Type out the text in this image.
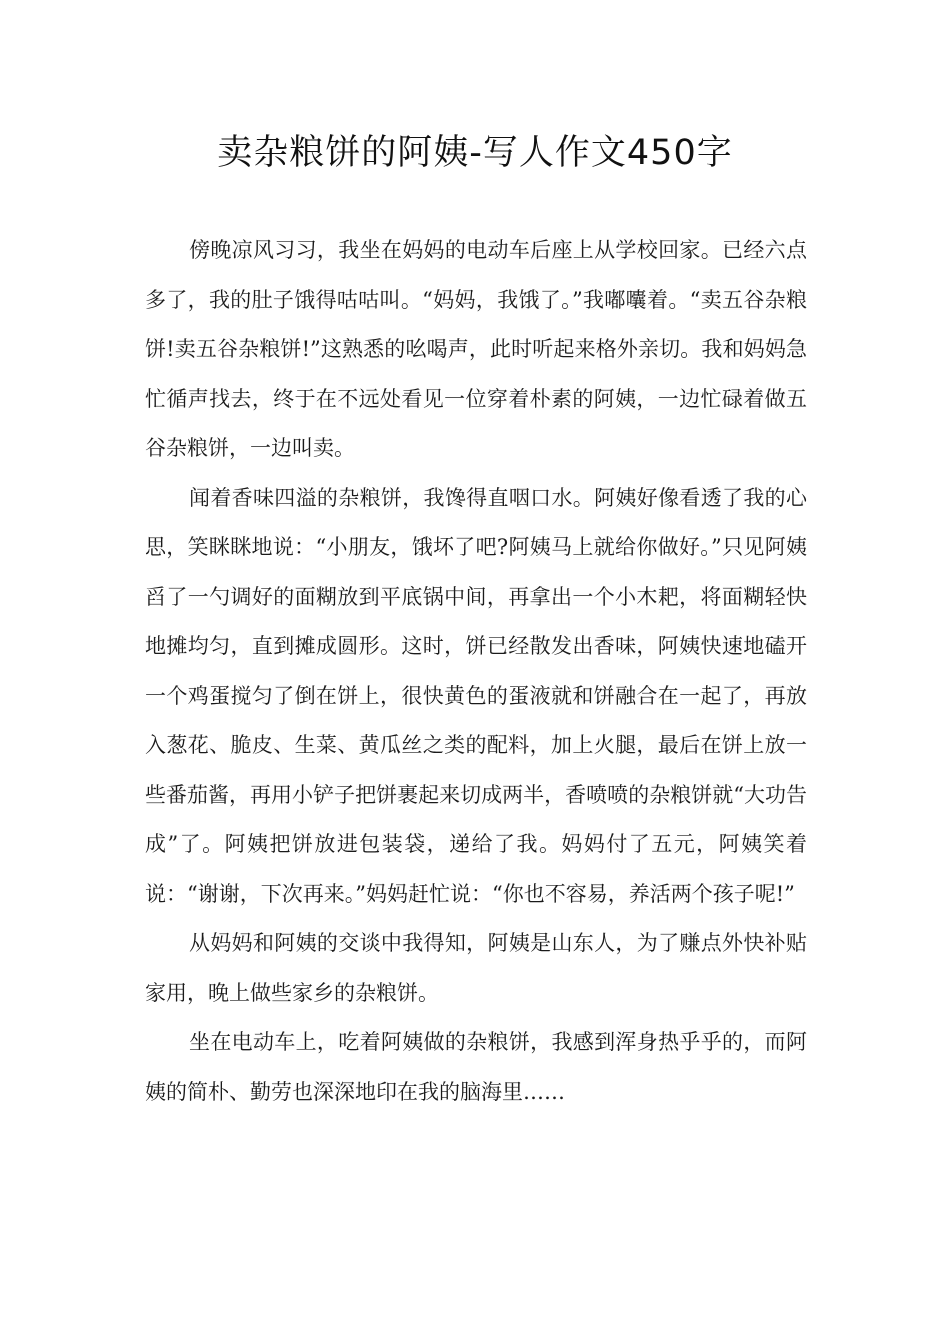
卖杂粮饼的阿姨-写人作文450字

傍晚凉风习习，我坐在妈妈的电动车后座上从学校回家。已经六点多了，我的肚子饿得咕咕叫。“妈妈，我饿了。”我嘟囔着。“卖五谷杂粮饼!卖五谷杂粮饼!”这熟悉的吆喝声，此时听起来格外亲切。我和妈妈急忙循声找去，终于在不远处看见一位穿着朴素的阿姨，一边忙碌着做五谷杂粮饼，一边叫卖。

闻着香味四溢的杂粮饼，我馋得直咽口水。阿姨好像看透了我的心思，笑眯眯地说：“小朋友，饿坏了吧?阿姨马上就给你做好。”只见阿姨舀了一勺调好的面糊放到平底锅中间，再拿出一个小木耙，将面糊轻快地摊均匀，直到摊成圆形。这时，饼已经散发出香味，阿姨快速地磕开一个鸡蛋搅匀了倒在饼上，很快黄色的蛋液就和饼融合在一起了，再放入葱花、脆皮、生菜、黄瓜丝之类的配料，加上火腿，最后在饼上放一些番茄酱，再用小铲子把饼裹起来切成两半，香喷喷的杂粮饼就“大功告成”了。阿姨把饼放进包装袋，递给了我。妈妈付了五元，阿姨笑着说：“谢谢，下次再来。”妈妈赶忙说：“你也不容易，养活两个孩子呢!”

从妈妈和阿姨的交谈中我得知，阿姨是山东人，为了赚点外快补贴家用，晚上做些家乡的杂粮饼。

坐在电动车上，吃着阿姨做的杂粮饼，我感到浑身热乎乎的，而阿姨的简朴、勤劳也深深地印在我的脑海里……
